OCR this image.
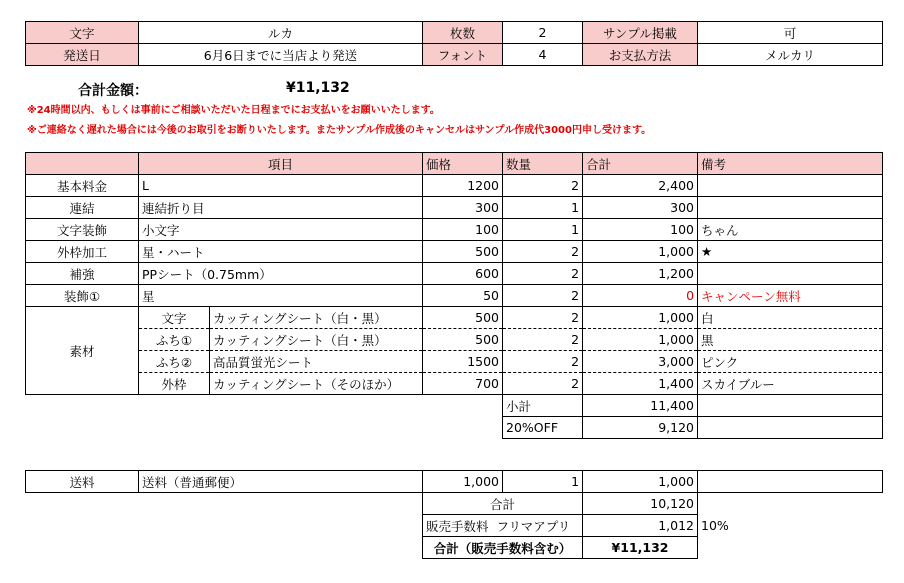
文字	ルカ	枚数	2	サンプル掲載	可
発送日	6月6日までに当店より発送	フォント	4	お支払方法	メルカリ
合計金額：	¥11,132
※24時間以内、もしくは事前にご相談いただいた日程までにお支払いをお願いいたします。
※ご連絡なく遅れた場合には今後のお取引をお断りいたします。またサンプル作成後のキャンセルはサンプル作成代3000円申し受けます。
	項目		価格	数量	合計	備考
基本料金	L		1200	2	2,400	
連結	連結折り目		300	1	300	
文字装飾	小文字		100	1	100	ちゃん
外枠加工	星・ハート		500	2	1,000	★
補強	PPシート（0.75mm）		600	2	1,200	
装飾①	星		50	2	0	キャンペーン無料
素材	文字	カッティングシート（白・黒）	500	2	1,000	白
	ふち①	カッティングシート（白・黒）	500	2	1,000	黒
	ふち②	高品質蛍光シート	1500	2	3,000	ピンク
	外枠	カッティングシート（そのほか）	700	2	1,400	スカイブルー
				小計	11,400	
				20%OFF	9,120	
送料	送料（普通郵便）	1,000	1	1,000	
		合計		10,120	
		販売手数料 フリマアプリ		1,012	10%
		合計（販売手数料含む）		¥11,132	
